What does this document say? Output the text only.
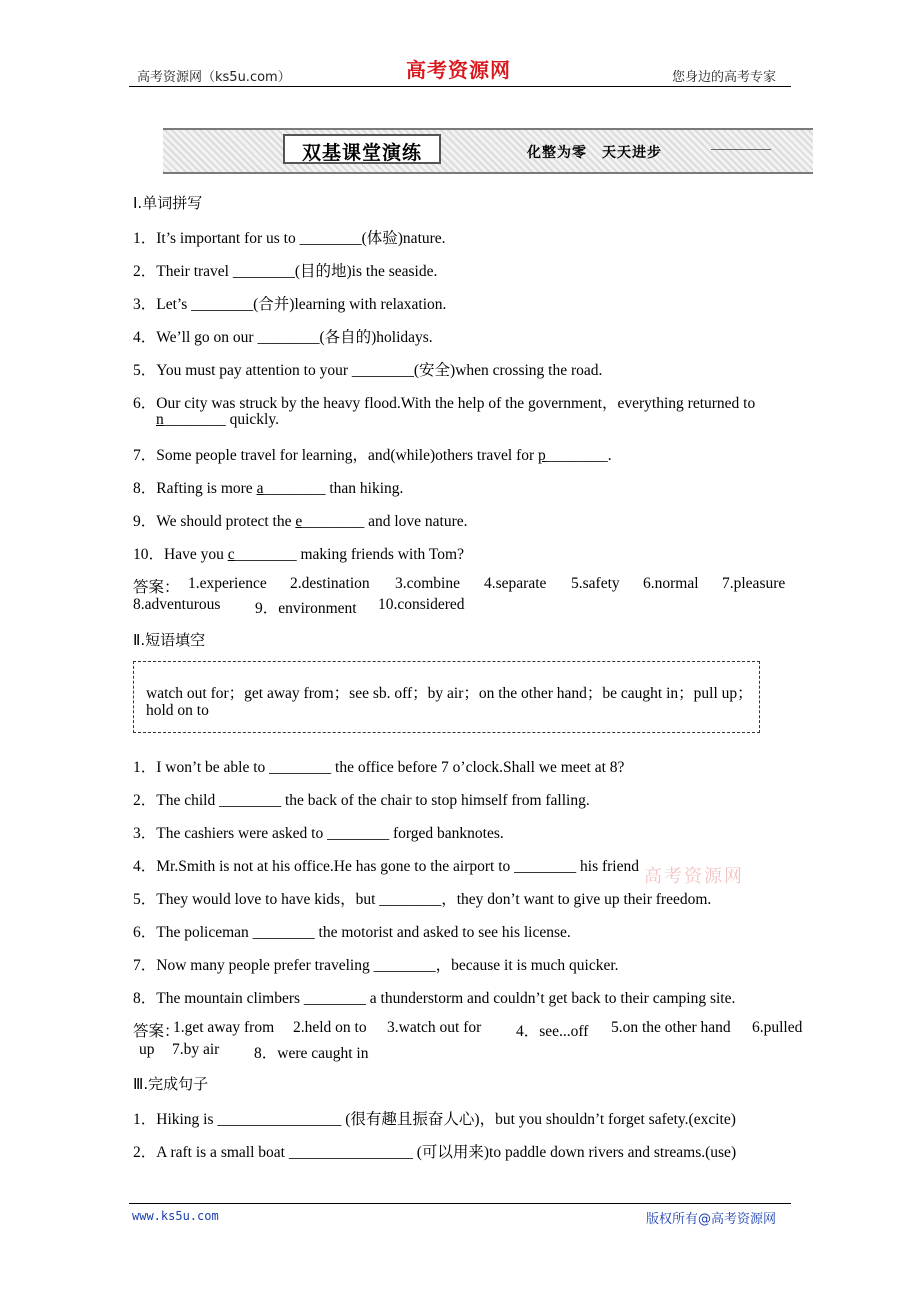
高考资源网（ks5u.com）	高考资源网	您身边的高考专家
双基课堂演练	化整为零　天天进步
Ⅰ.单词拼写
1．It’s important for us to ________(体验)nature.
2．Their travel ________(目的地)is the seaside.
3．Let’s ________(合并)learning with relaxation.
4．We’ll go on our ________(各自的)holidays.
5．You must pay attention to your ________(安全)when crossing the road.
6．Our city was struck by the heavy flood.With the help of the government，everything returned to
n________ quickly.
7．Some people travel for learning，and(while)others travel for p________.
8．Rafting is more a________ than hiking.
9．We should protect the e________ and love nature.
10．Have you c________ making friends with Tom?
答案： 1.experience 2.destination 3.combine 4.separate 5.safety 6.normal 7.pleasure
8.adventurous 9．environment 10.considered
Ⅱ.短语填空
watch out for；get away from；see sb. off；by air；on the other hand；be caught in；pull up；
hold on to
1．I won’t be able to ________ the office before 7 o’clock.Shall we meet at 8?
2．The child ________ the back of the chair to stop himself from falling.
3．The cashiers were asked to ________ forged banknotes.
4．Mr.Smith is not at his office.He has gone to the airport to ________ his friend
5．They would love to have kids，but ________，they don’t want to give up their freedom.
6．The policeman ________ the motorist and asked to see his license.
7．Now many people prefer traveling ________，because it is much quicker.
8．The mountain climbers ________ a thunderstorm and couldn’t get back to their camping site.
答案：
1.get away from 2.held on to 3.watch out for 4．see...off 5.on the other hand 6.pulled
up 7.by air 8．were caught in
Ⅲ.完成句子
1．Hiking is ________________ (很有趣且振奋人心)，but you shouldn’t forget safety.(excite)
2．A raft is a small boat ________________ (可以用来)to paddle down rivers and streams.(use)
高考资源网
www.ks5u.com	版权所有@高考资源网
